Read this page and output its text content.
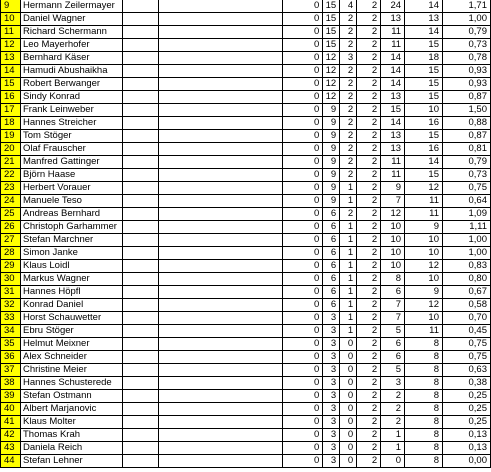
9	Hermann Zeilermayer			0	15	4	2	24	14	1,71
10	Daniel Wagner			0	15	2	2	13	13	1,00
11	Richard Schermann			0	15	2	2	11	14	0,79
12	Leo Mayerhofer			0	15	2	2	11	15	0,73
13	Bernhard Käser			0	12	3	2	14	18	0,78
14	Hamudi Abushaikha			0	12	2	2	14	15	0,93
15	Robert Berwanger			0	12	2	2	14	15	0,93
16	Sindy Konrad			0	12	2	2	13	15	0,87
17	Frank Leinweber			0	9	2	2	15	10	1,50
18	Hannes Streicher			0	9	2	2	14	16	0,88
19	Tom Stöger			0	9	2	2	13	15	0,87
20	Olaf Frauscher			0	9	2	2	13	16	0,81
21	Manfred Gattinger			0	9	2	2	11	14	0,79
22	Björn Haase			0	9	2	2	11	15	0,73
23	Herbert Vorauer			0	9	1	2	9	12	0,75
24	Manuele Teso			0	9	1	2	7	11	0,64
25	Andreas Bernhard			0	6	2	2	12	11	1,09
26	Christoph Garhammer			0	6	1	2	10	9	1,11
27	Stefan Marchner			0	6	1	2	10	10	1,00
28	Simon Janke			0	6	1	2	10	10	1,00
29	Klaus Loidl			0	6	1	2	10	12	0,83
30	Markus Wagner			0	6	1	2	8	10	0,80
31	Hannes Höpfl			0	6	1	2	6	9	0,67
32	Konrad Daniel			0	6	1	2	7	12	0,58
33	Horst Schauwetter			0	3	1	2	7	10	0,70
34	Ebru Stöger			0	3	1	2	5	11	0,45
35	Helmut Meixner			0	3	0	2	6	8	0,75
36	Alex Schneider			0	3	0	2	6	8	0,75
37	Christine Meier			0	3	0	2	5	8	0,63
38	Hannes Schusterede			0	3	0	2	3	8	0,38
39	Stefan Ostmann			0	3	0	2	2	8	0,25
40	Albert Marjanovic			0	3	0	2	2	8	0,25
41	Klaus Molter			0	3	0	2	2	8	0,25
42	Thomas Krah			0	3	0	2	1	8	0,13
43	Daniela Reich			0	3	0	2	1	8	0,13
44	Stefan Lehner			0	3	0	2	0	8	0,00
